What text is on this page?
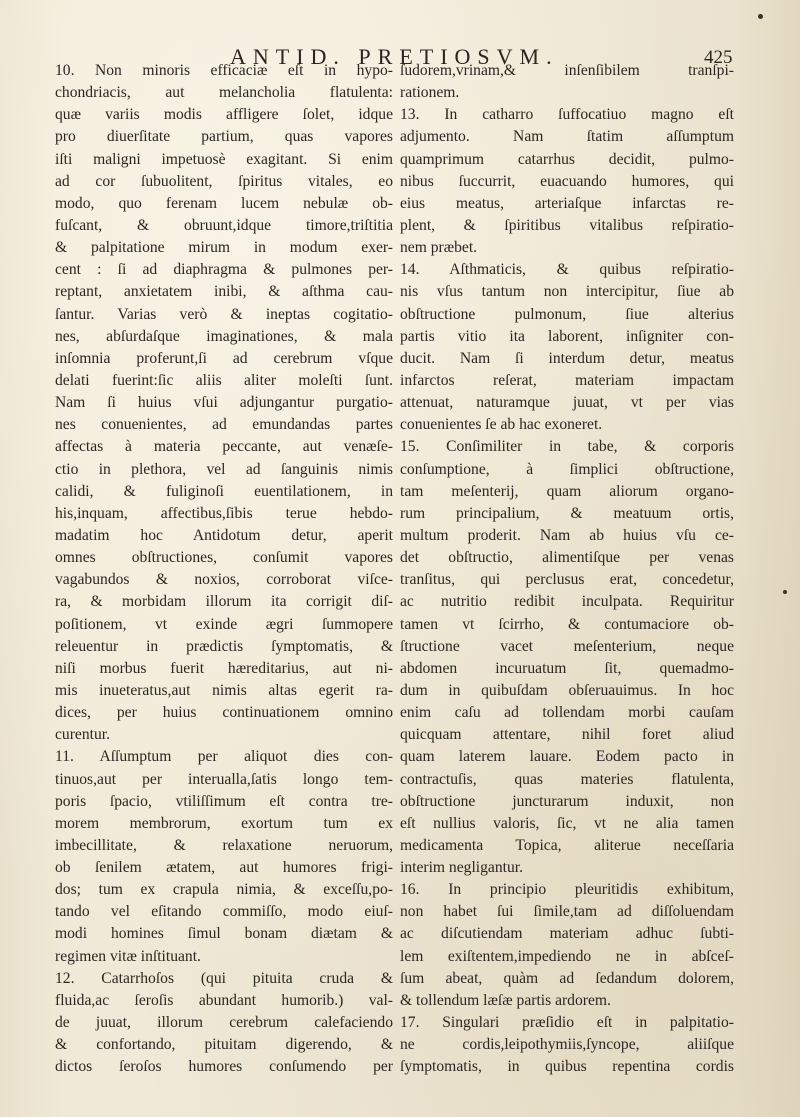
ANTID. PRETIOSVM.	425
10. Non minoris efficaciæ eſt in hypo-
chondriacis, aut melancholia flatulenta:
quæ variis modis affligere ſolet, idque
pro diuerſitate partium, quas vapores
iſti maligni impetuosè exagitant. Si enim
ad cor ſubuolitent, ſpiritus vitales, eo
modo, quo ferenam lucem nebulæ ob-
fuſcant, & obruunt,idque timore,triſtitia
& palpitatione mirum in modum exer-
cent : ſi ad diaphragma & pulmones per-
reptant, anxietatem inibi, & aſthma cau-
ſantur. Varias verò & ineptas cogitatio-
nes, abſurdaſque imaginationes, & mala
inſomnia proferunt,ſi ad cerebrum vſque
delati fuerint:ſic aliis aliter moleſti ſunt.
Nam ſi huius vſui adjungantur purgatio-
nes conuenientes, ad emundandas partes
affectas à materia peccante, aut venæſe-
ctio in plethora, vel ad ſanguinis nimis
calidi, & fuliginoſi euentilationem, in
his,inquam, affectibus,ſibis terue hebdo-
madatim hoc Antidotum detur, aperit
omnes obſtructiones, conſumit vapores
vagabundos & noxios, corroborat viſce-
ra, & morbidam illorum ita corrigit diſ-
poſitionem, vt exinde ægri ſummopere
releuentur in prædictis ſymptomatis, &
niſi morbus fuerit hæreditarius, aut ni-
mis inueteratus,aut nimis altas egerit ra-
dices, per huius continuationem omnino
curentur.
11. Aſſumptum per aliquot dies con-
tinuos,aut per interualla,ſatis longo tem-
poris ſpacio, vtiliſſimum eſt contra tre-
morem membrorum, exortum tum ex
imbecillitate, & relaxatione neruorum,
ob ſenilem ætatem, aut humores frigi-
dos; tum ex crapula nimia, & exceſſu,po-
tando vel eſitando commiſſo, modo eiuſ-
modi homines ſimul bonam diætam &
regimen vitæ inſtituant.
12. Catarrhoſos (qui pituita cruda &
fluida,ac ſeroſis abundant humorib.) val-
de juuat, illorum cerebrum calefaciendo
& confortando, pituitam digerendo, &
dictos ſeroſos humores conſumendo per
ſudorem,vrinam,& inſenſibilem tranſpi-
rationem.
13. In catharro ſuffocatiuo magno eſt
adjumento. Nam ſtatim aſſumptum
quamprimum catarrhus decidit, pulmo-
nibus ſuccurrit, euacuando humores, qui
eius meatus, arteriaſque infarctas re-
plent, & ſpiritibus vitalibus reſpiratio-
nem præbet.
14. Aſthmaticis, & quibus reſpiratio-
nis vſus tantum non intercipitur, ſiue ab
obſtructione pulmonum, ſiue alterius
partis vitio ita laborent, inſigniter con-
ducit. Nam ſi interdum detur, meatus
infarctos reſerat, materiam impactam
attenuat, naturamque juuat, vt per vias
conuenientes ſe ab hac exoneret.
15. Conſimiliter in tabe, & corporis
conſumptione, à ſimplici obſtructione,
tam meſenterij, quam aliorum organo-
rum principalium, & meatuum ortis,
multum proderit. Nam ab huius vſu ce-
det obſtructio, alimentiſque per venas
tranſitus, qui perclusus erat, concedetur,
ac nutritio redibit inculpata. Requiritur
tamen vt ſcirrho, & contumaciore ob-
ſtructione vacet meſenterium, neque
abdomen incuruatum ſit, quemadmo-
dum in quibuſdam obſeruauimus. In hoc
enim caſu ad tollendam morbi cauſam
quicquam attentare, nihil foret aliud
quam laterem lauare. Eodem pacto in
contractuſis, quas materies flatulenta,
obſtructione juncturarum induxit, non
eſt nullius valoris, ſic, vt ne alia tamen
medicamenta Topica, aliterue neceſſaria
interim negligantur.
16. In principio pleuritidis exhibitum,
non habet ſui ſimile,tam ad diſſoluendam
ac diſcutiendam materiam adhuc ſubti-
lem exiſtentem,impediendo ne in abſceſ-
ſum abeat, quàm ad ſedandum dolorem,
& tollendum læſæ partis ardorem.
17. Singulari præſidio eſt in palpitatio-
ne cordis,leipothymiis,ſyncope, aliiſque
ſymptomatis, in quibus repentina cordis
